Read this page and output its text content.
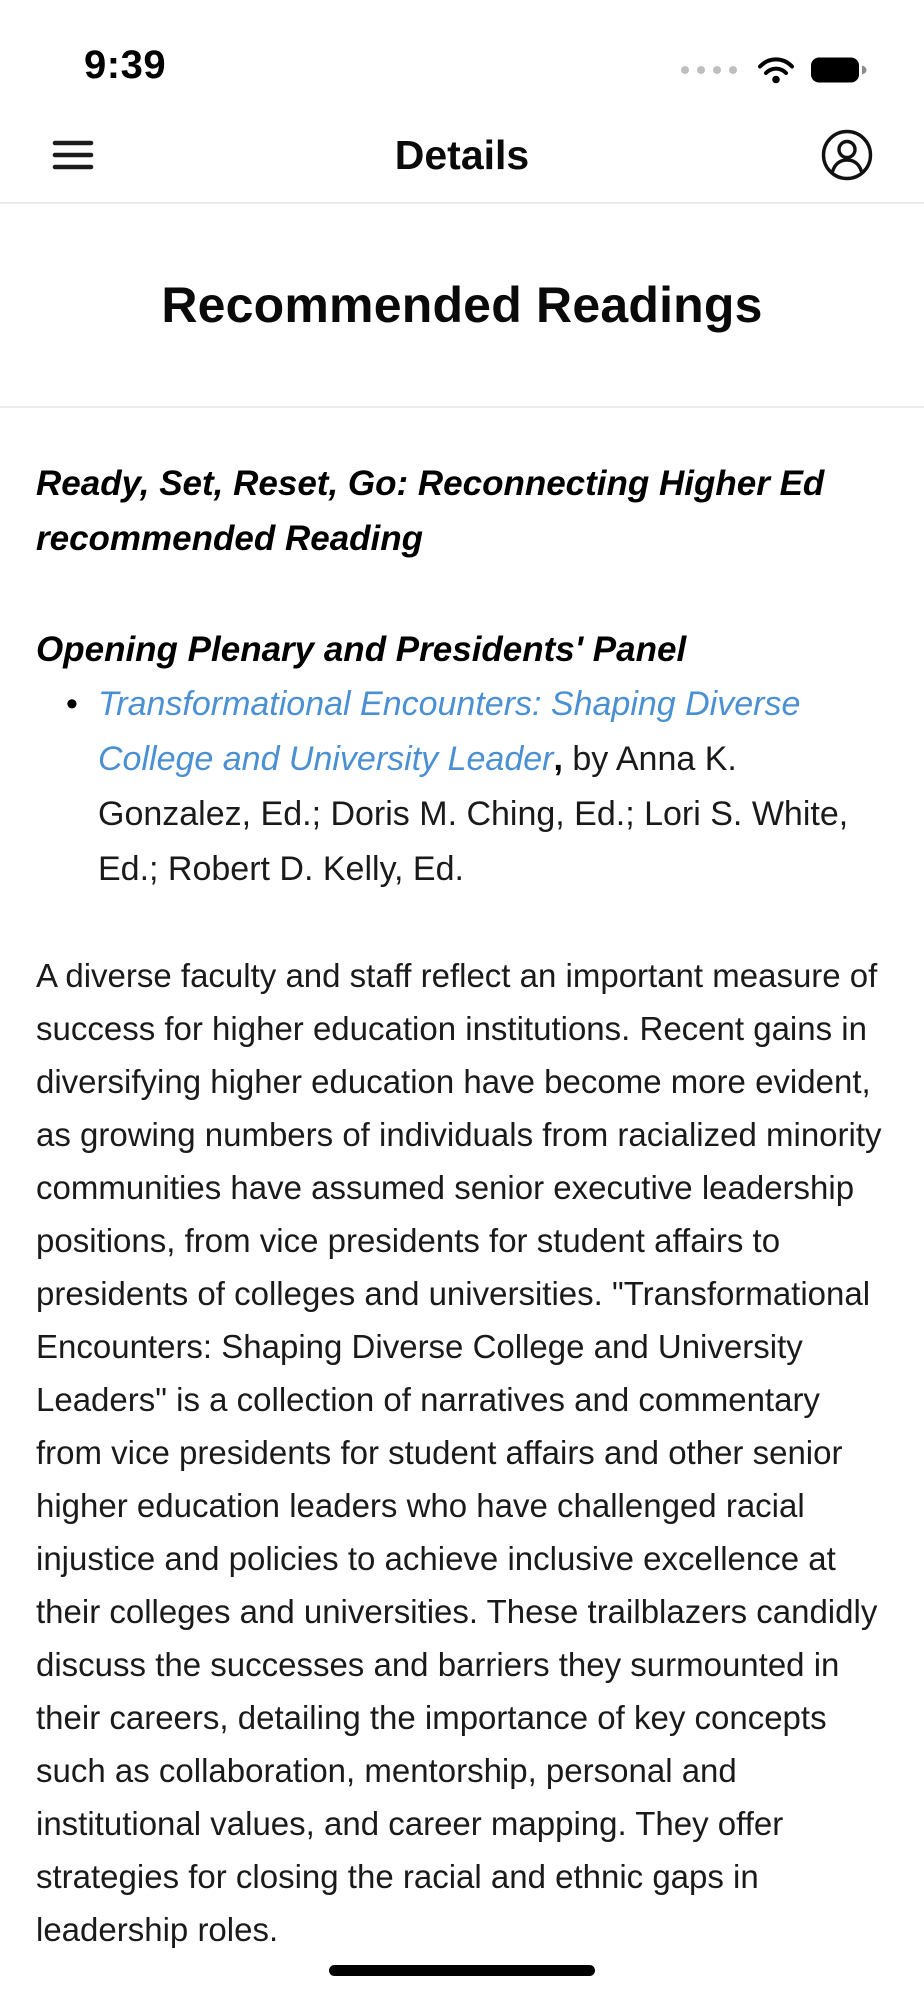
9:39
Details
Recommended Readings
Ready, Set, Reset, Go: Reconnecting Higher Ed recommended Reading
Opening Plenary and Presidents' Panel
• Transformational Encounters: Shaping Diverse College and University Leader, by Anna K. Gonzalez, Ed.; Doris M. Ching, Ed.; Lori S. White, Ed.; Robert D. Kelly, Ed.

A diverse faculty and staff reflect an important measure of success for higher education institutions. Recent gains in diversifying higher education have become more evident, as growing numbers of individuals from racialized minority communities have assumed senior executive leadership positions, from vice presidents for student affairs to presidents of colleges and universities. "Transformational Encounters: Shaping Diverse College and University Leaders" is a collection of narratives and commentary from vice presidents for student affairs and other senior higher education leaders who have challenged racial injustice and policies to achieve inclusive excellence at their colleges and universities. These trailblazers candidly discuss the successes and barriers they surmounted in their careers, detailing the importance of key concepts such as collaboration, mentorship, personal and institutional values, and career mapping. They offer strategies for closing the racial and ethnic gaps in leadership roles.
